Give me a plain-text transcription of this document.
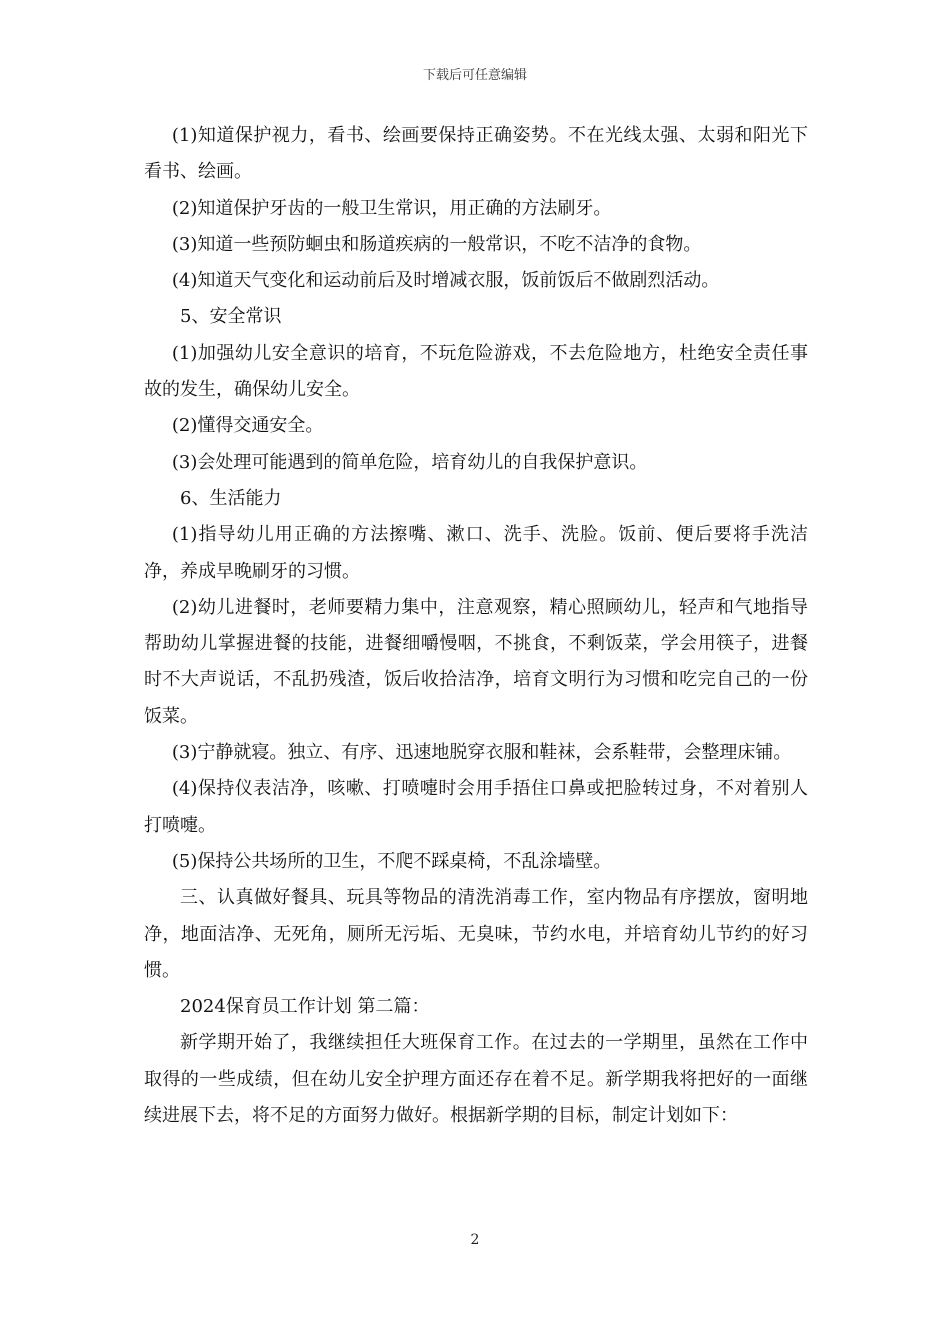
下载后可任意编辑

(1)知道保护视力，看书、绘画要保持正确姿势。不在光线太强、太弱和阳光下看书、绘画。

(2)知道保护牙齿的一般卫生常识，用正确的方法刷牙。

(3)知道一些预防蛔虫和肠道疾病的一般常识，不吃不洁净的食物。

(4)知道天气变化和运动前后及时增减衣服，饭前饭后不做剧烈活动。

5、安全常识

(1)加强幼儿安全意识的培育，不玩危险游戏，不去危险地方，杜绝安全责任事故的发生，确保幼儿安全。

(2)懂得交通安全。

(3)会处理可能遇到的简单危险，培育幼儿的自我保护意识。

6、生活能力

(1)指导幼儿用正确的方法擦嘴、漱口、洗手、洗脸。饭前、便后要将手洗洁净，养成早晚刷牙的习惯。

(2)幼儿进餐时，老师要精力集中，注意观察，精心照顾幼儿，轻声和气地指导帮助幼儿掌握进餐的技能，进餐细嚼慢咽，不挑食，不剩饭菜，学会用筷子，进餐时不大声说话，不乱扔残渣，饭后收拾洁净，培育文明行为习惯和吃完自己的一份饭菜。

(3)宁静就寝。独立、有序、迅速地脱穿衣服和鞋袜，会系鞋带，会整理床铺。

(4)保持仪表洁净，咳嗽、打喷嚏时会用手捂住口鼻或把脸转过身，不对着别人打喷嚏。

(5)保持公共场所的卫生，不爬不踩桌椅，不乱涂墙壁。

三、认真做好餐具、玩具等物品的清洗消毒工作，室内物品有序摆放，窗明地净，地面洁净、无死角，厕所无污垢、无臭味，节约水电，并培育幼儿节约的好习惯。

2024保育员工作计划 第二篇：

新学期开始了，我继续担任大班保育工作。在过去的一学期里，虽然在工作中取得的一些成绩，但在幼儿安全护理方面还存在着不足。新学期我将把好的一面继续进展下去，将不足的方面努力做好。根据新学期的目标，制定计划如下：

2
